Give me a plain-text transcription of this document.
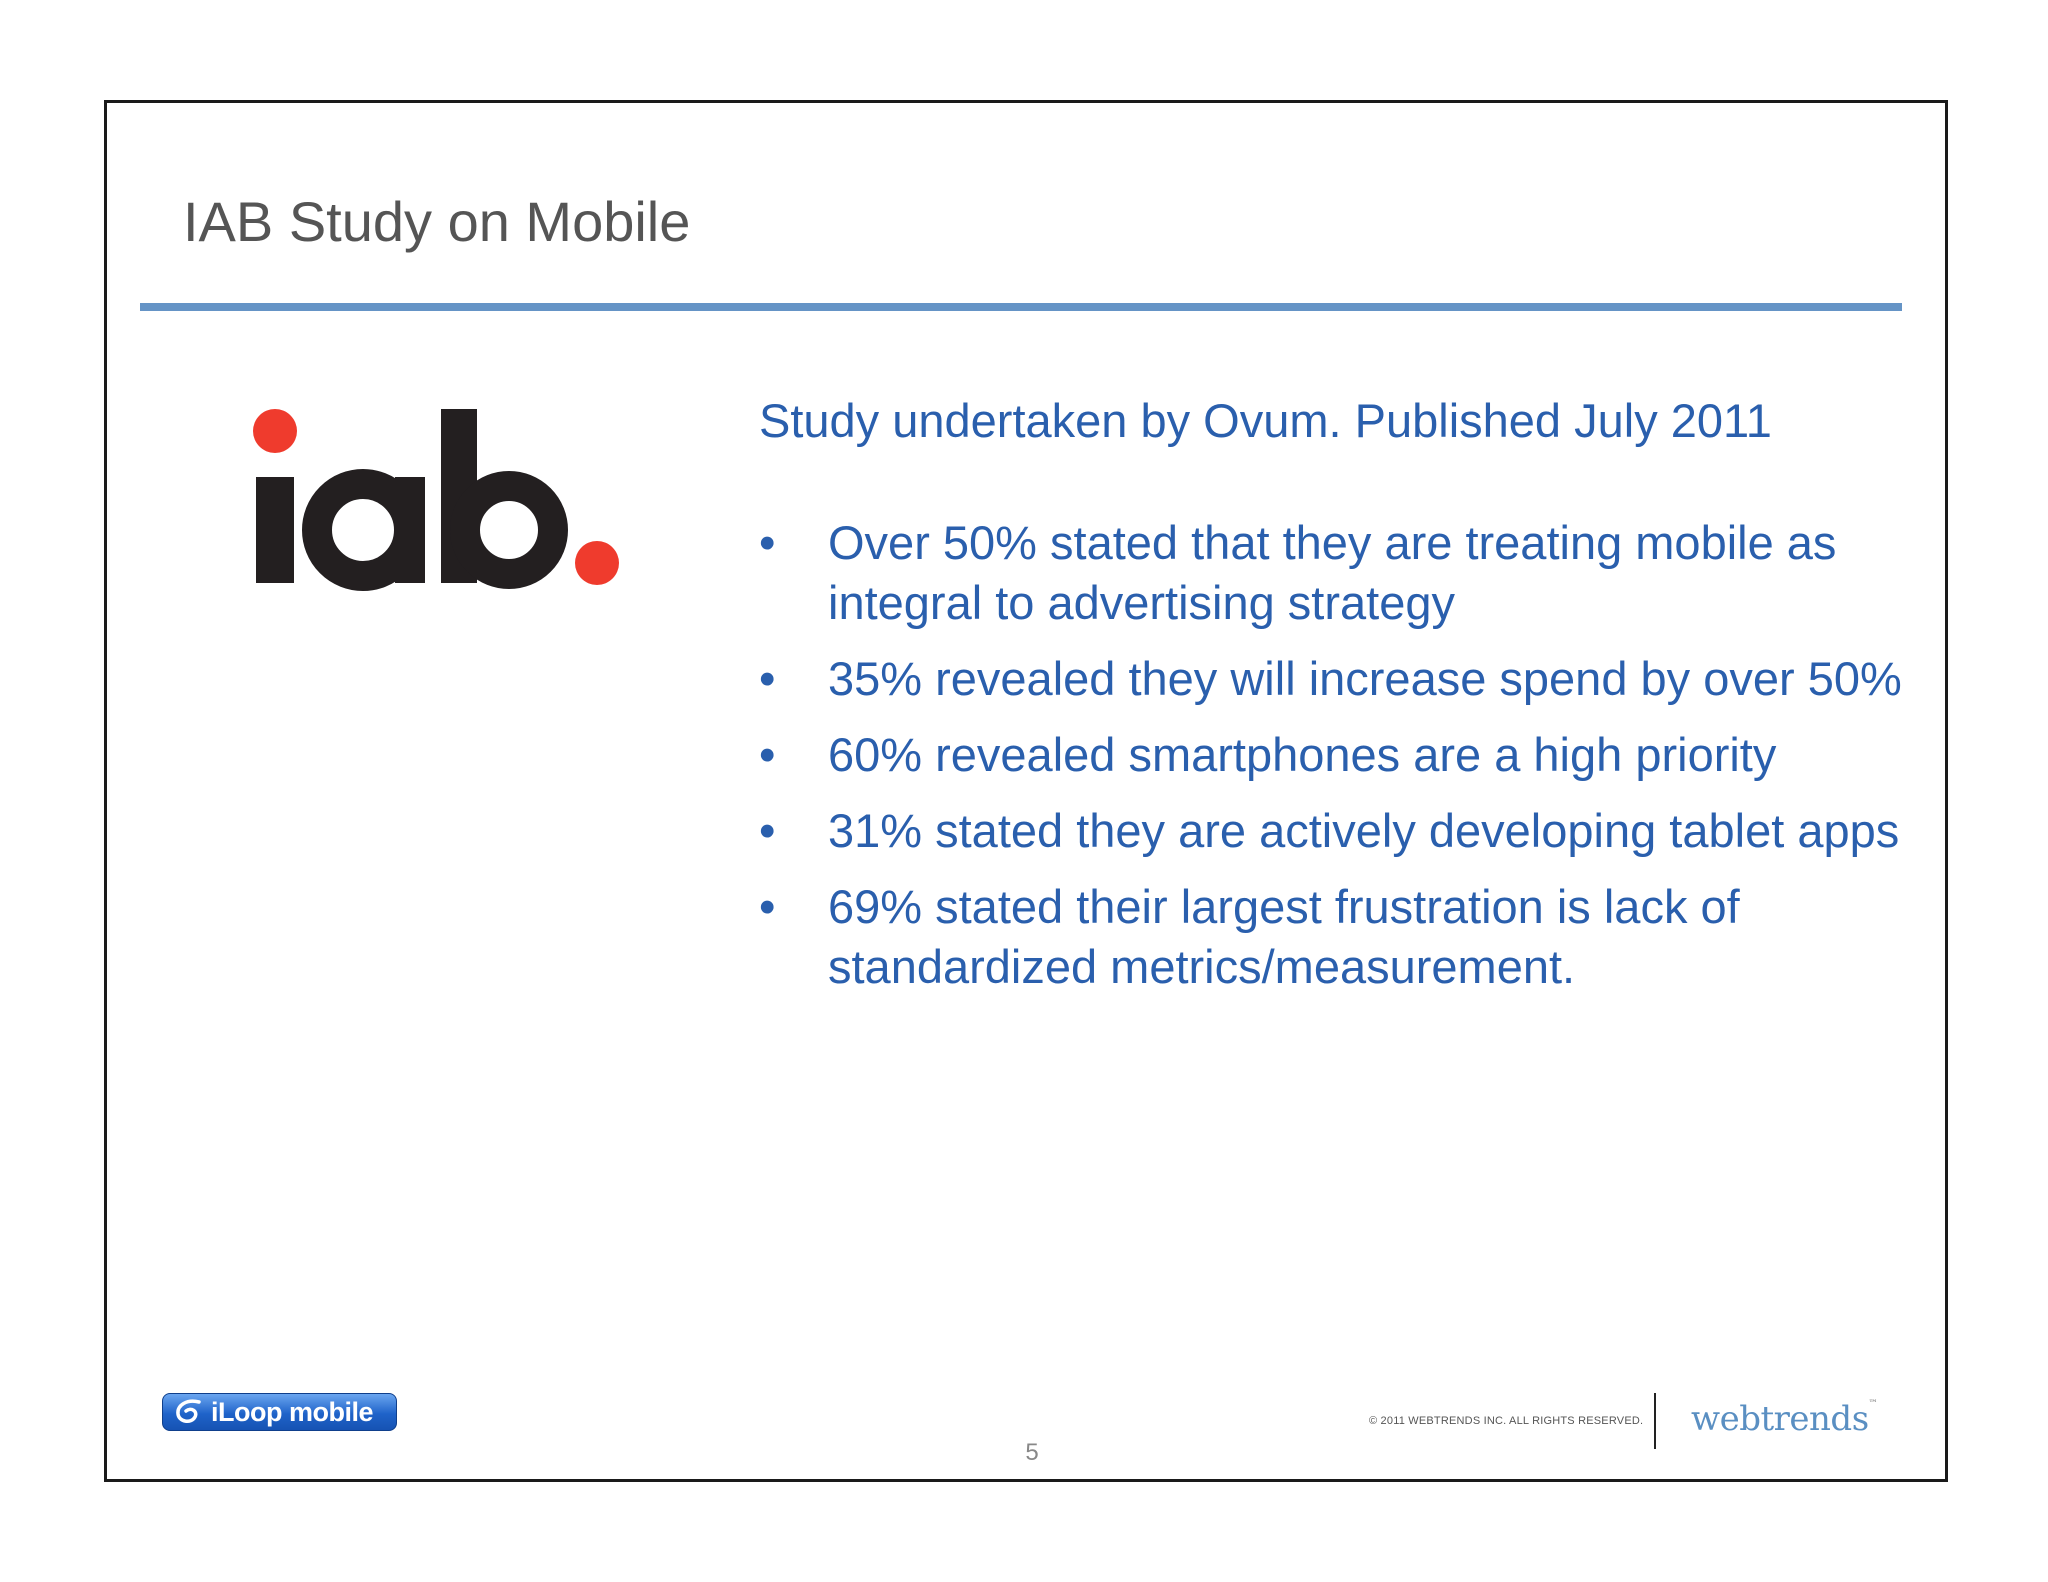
IAB Study on Mobile

Study undertaken by Ovum. Published July 2011

• Over 50% stated that they are treating mobile as integral to advertising strategy
• 35% revealed they will increase spend by over 50%
• 60% revealed smartphones are a high priority
• 31% stated they are actively developing tablet apps
• 69% stated their largest frustration is lack of standardized metrics/measurement.
iLoop mobile	© 2011 WEBTRENDS INC. ALL RIGHTS RESERVED. webtrends™
5
